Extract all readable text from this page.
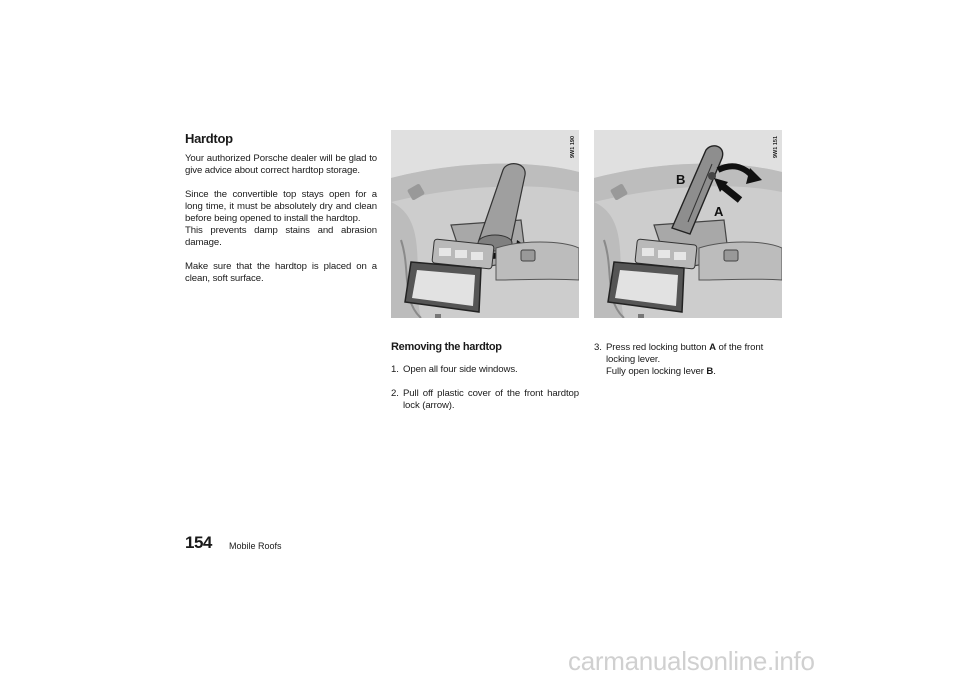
Hardtop

Your authorized Porsche dealer will be glad to give advice about correct hardtop storage.

Since the convertible top stays open for a long time, it must be absolutely dry and clean before being opened to install the hardtop.

This prevents damp stains and abrasion damage.

Make sure that the hardtop is placed on a clean, soft surface.

9W1 190
B
A
9W1 151
Removing the hardtop
1. Open all four side windows.
2. Pull off plastic cover of the front hardtop lock (arrow).
3. Press red locking button A of the front locking lever.
Fully open locking lever B.
154 Mobile Roofs
carmanualsonline.info
